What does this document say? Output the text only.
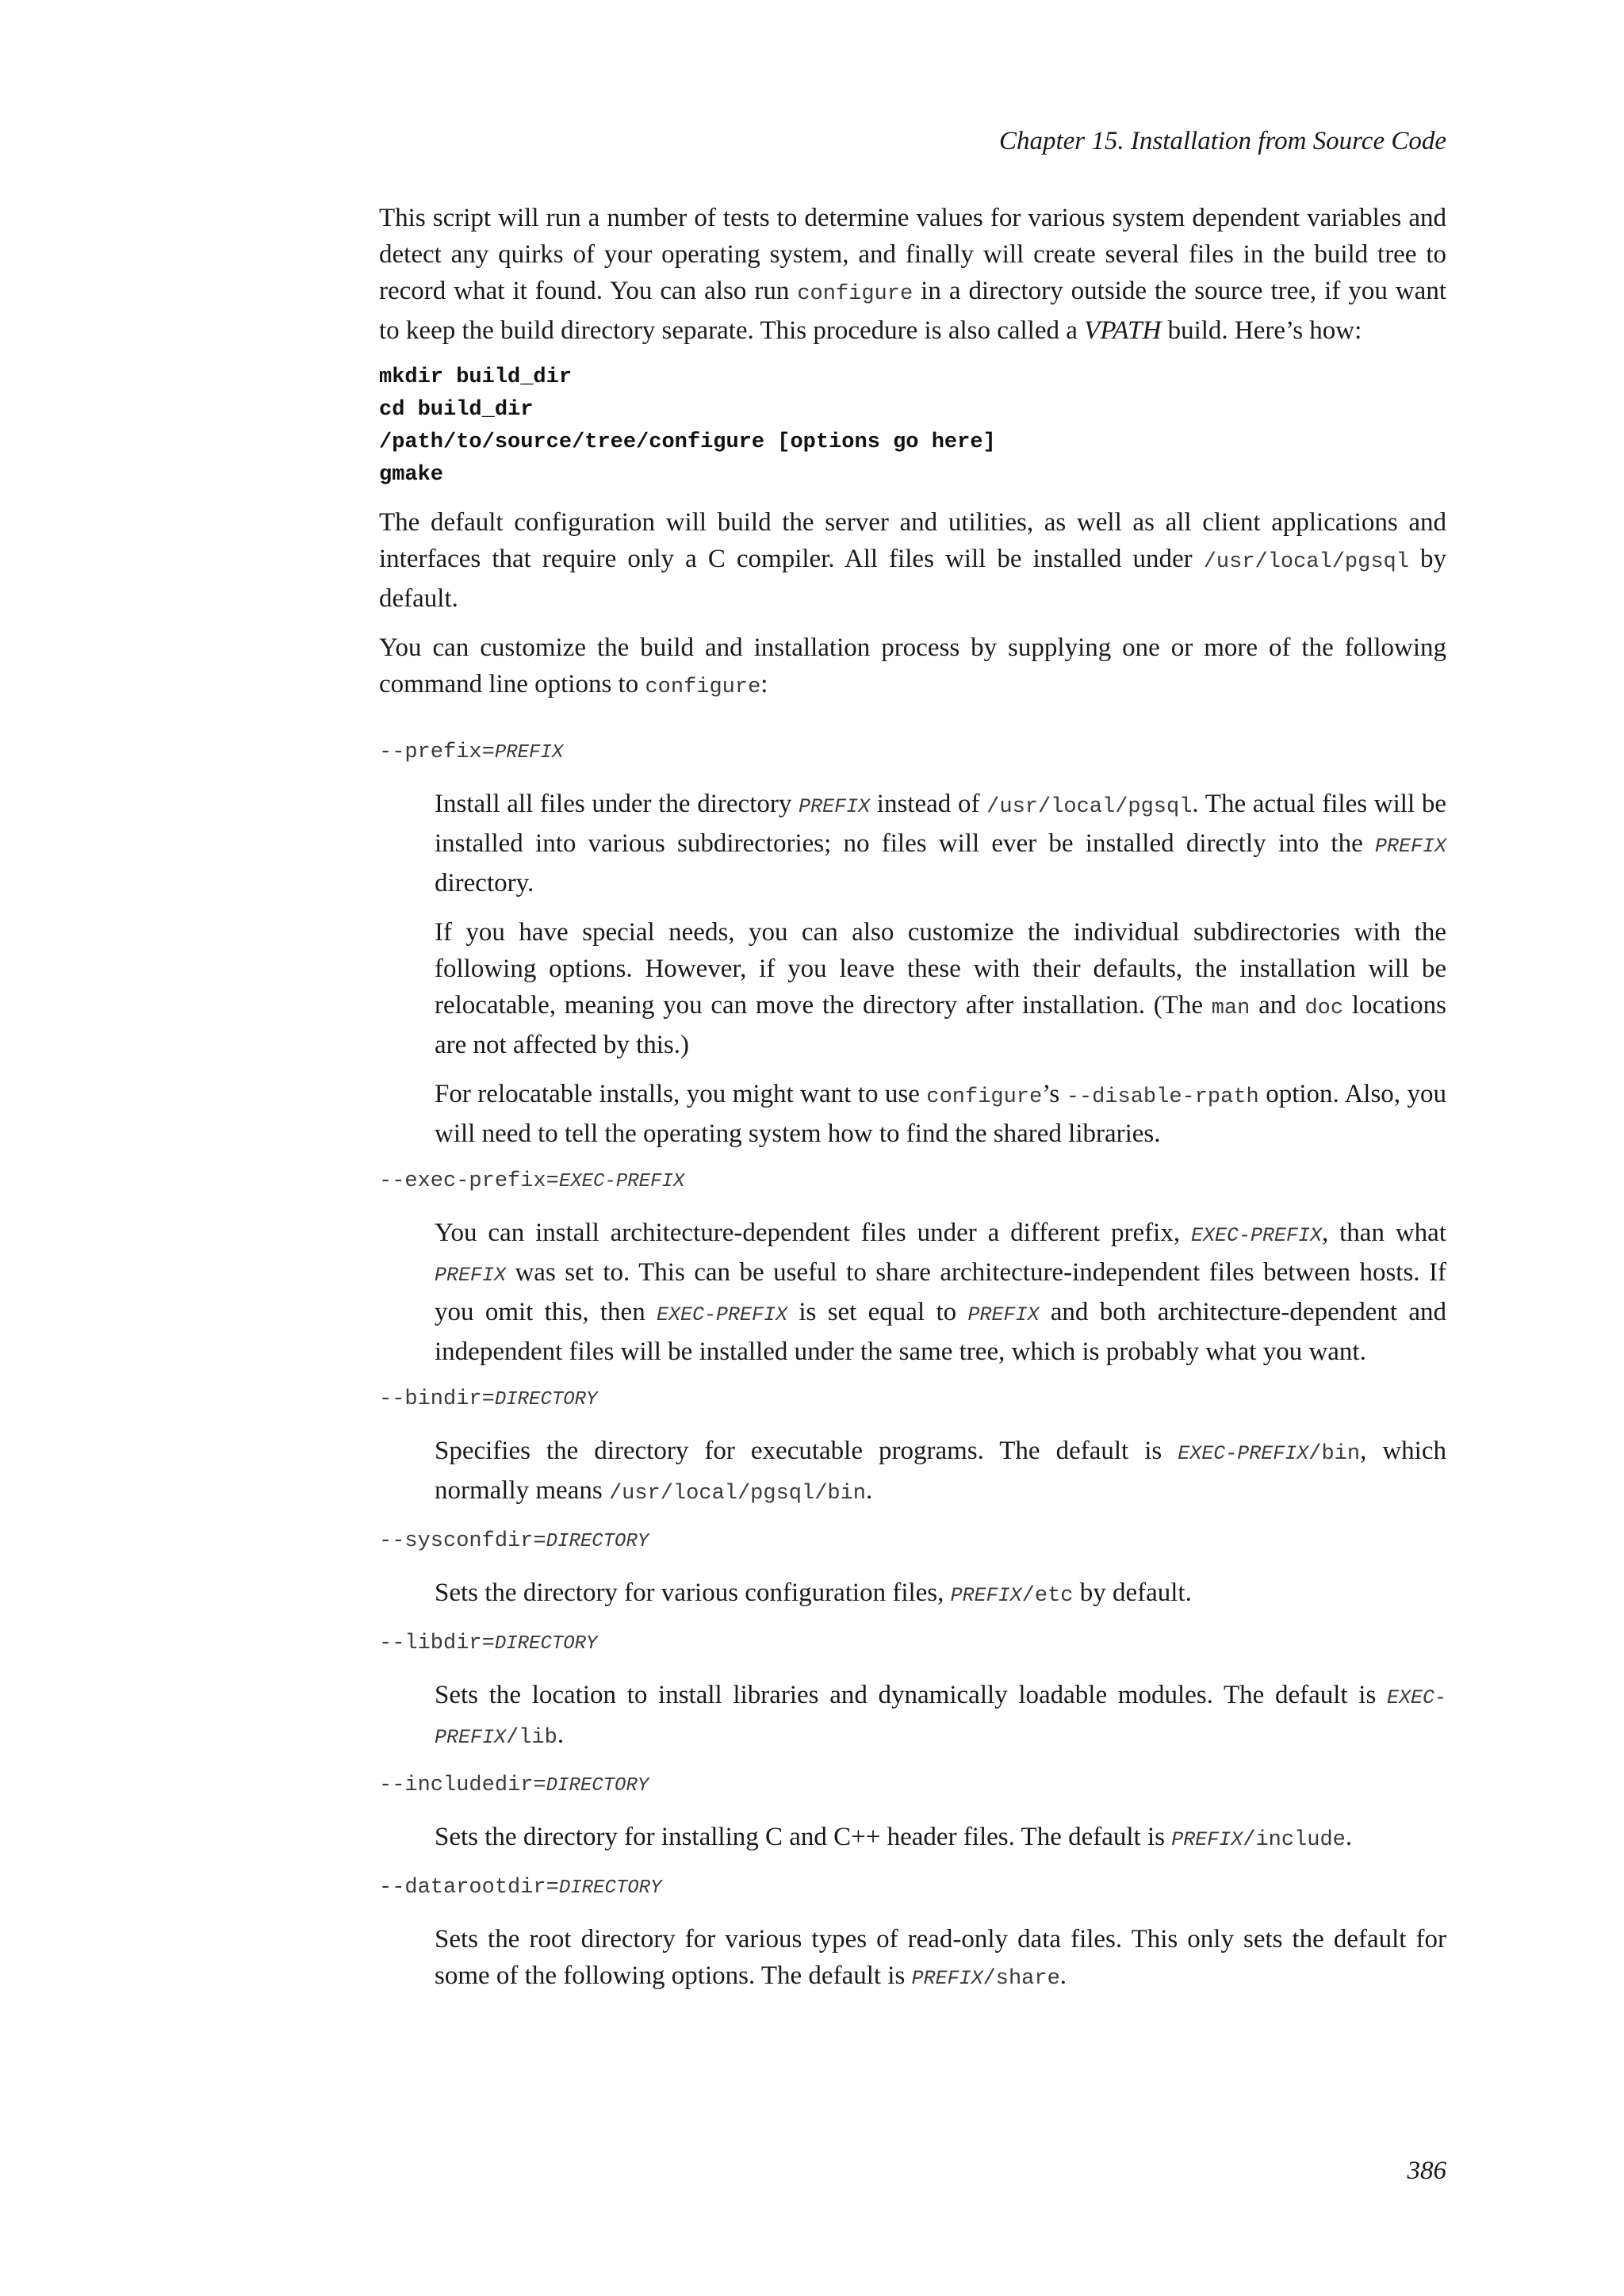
Chapter 15. Installation from Source Code

This script will run a number of tests to determine values for various system dependent variables and detect any quirks of your operating system, and finally will create several files in the build tree to record what it found. You can also run configure in a directory outside the source tree, if you want to keep the build directory separate. This procedure is also called a VPATH build. Here’s how:

mkdir build_dir
cd build_dir
/path/to/source/tree/configure [options go here]
gmake

The default configuration will build the server and utilities, as well as all client applications and interfaces that require only a C compiler. All files will be installed under /usr/local/pgsql by default.

You can customize the build and installation process by supplying one or more of the following command line options to configure:

--prefix=PREFIX

Install all files under the directory PREFIX instead of /usr/local/pgsql. The actual files will be installed into various subdirectories; no files will ever be installed directly into the PREFIX directory.

If you have special needs, you can also customize the individual subdirectories with the following options. However, if you leave these with their defaults, the installation will be relocatable, meaning you can move the directory after installation. (The man and doc locations are not affected by this.)

For relocatable installs, you might want to use configure’s --disable-rpath option. Also, you will need to tell the operating system how to find the shared libraries.

--exec-prefix=EXEC-PREFIX

You can install architecture-dependent files under a different prefix, EXEC-PREFIX, than what PREFIX was set to. This can be useful to share architecture-independent files between hosts. If you omit this, then EXEC-PREFIX is set equal to PREFIX and both architecture-dependent and independent files will be installed under the same tree, which is probably what you want.

--bindir=DIRECTORY

Specifies the directory for executable programs. The default is EXEC-PREFIX/bin, which normally means /usr/local/pgsql/bin.

--sysconfdir=DIRECTORY

Sets the directory for various configuration files, PREFIX/etc by default.

--libdir=DIRECTORY

Sets the location to install libraries and dynamically loadable modules. The default is EXEC-PREFIX/lib.

--includedir=DIRECTORY

Sets the directory for installing C and C++ header files. The default is PREFIX/include.

--datarootdir=DIRECTORY

Sets the root directory for various types of read-only data files. This only sets the default for some of the following options. The default is PREFIX/share.

386
